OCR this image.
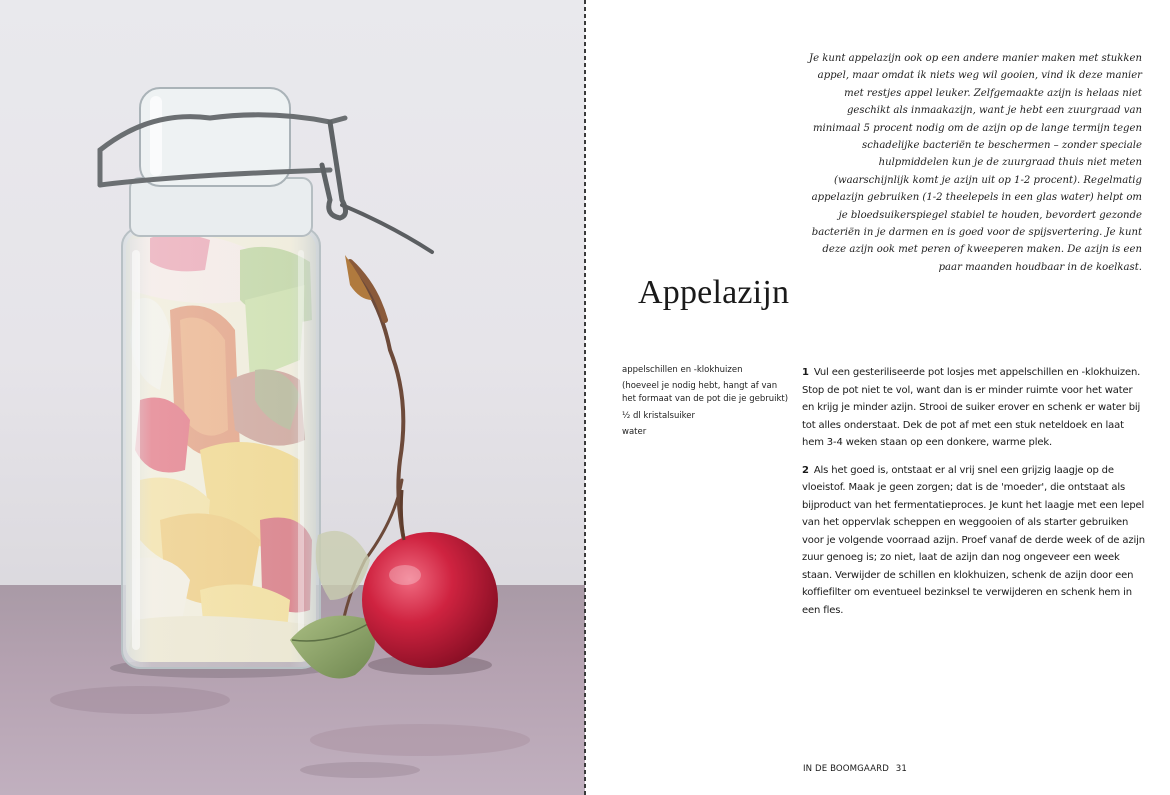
Je kunt appelazijn ook op een andere manier maken met stukken appel, maar omdat ik niets weg wil gooien, vind ik deze manier met restjes appel leuker. Zelfgemaakte azijn is helaas niet geschikt als inmaakazijn, want je hebt een zuurgraad van minimaal 5 procent nodig om de azijn op de lange termijn tegen schadelijke bacteriën te beschermen – zonder speciale hulpmiddelen kun je de zuurgraad thuis niet meten (waarschijnlijk komt je azijn uit op 1-2 procent). Regelmatig appelazijn gebruiken (1-2 theelepels in een glas water) helpt om je bloedsuikerspiegel stabiel te houden, bevordert gezonde bacteriën in je darmen en is goed voor de spijsvertering. Je kunt deze azijn ook met peren of kweeperen maken. De azijn is een paar maanden houdbaar in de koelkast.

Appelazijn
appelschillen en -klokhuizen
(hoeveel je nodig hebt, hangt af van het formaat van de pot die je gebruikt)
½ dl kristalsuiker
water

1 Vul een gesteriliseerde pot losjes met appelschillen en -klokhuizen. Stop de pot niet te vol, want dan is er minder ruimte voor het water en krijg je minder azijn. Strooi de suiker erover en schenk er water bij tot alles onderstaat. Dek de pot af met een stuk neteldoek en laat hem 3-4 weken staan op een donkere, warme plek.

2 Als het goed is, ontstaat er al vrij snel een grijzig laagje op de vloeistof. Maak je geen zorgen; dat is de 'moeder', die ontstaat als bijproduct van het fermentatieproces. Je kunt het laagje met een lepel van het oppervlak scheppen en weggooien of als starter gebruiken voor je volgende voorraad azijn. Proef vanaf de derde week of de azijn zuur genoeg is; zo niet, laat de azijn dan nog ongeveer een week staan. Verwijder de schillen en klokhuizen, schenk de azijn door een koffiefilter om eventueel bezinksel te verwijderen en schenk hem in een fles.

IN DE BOOMGAARD 31
